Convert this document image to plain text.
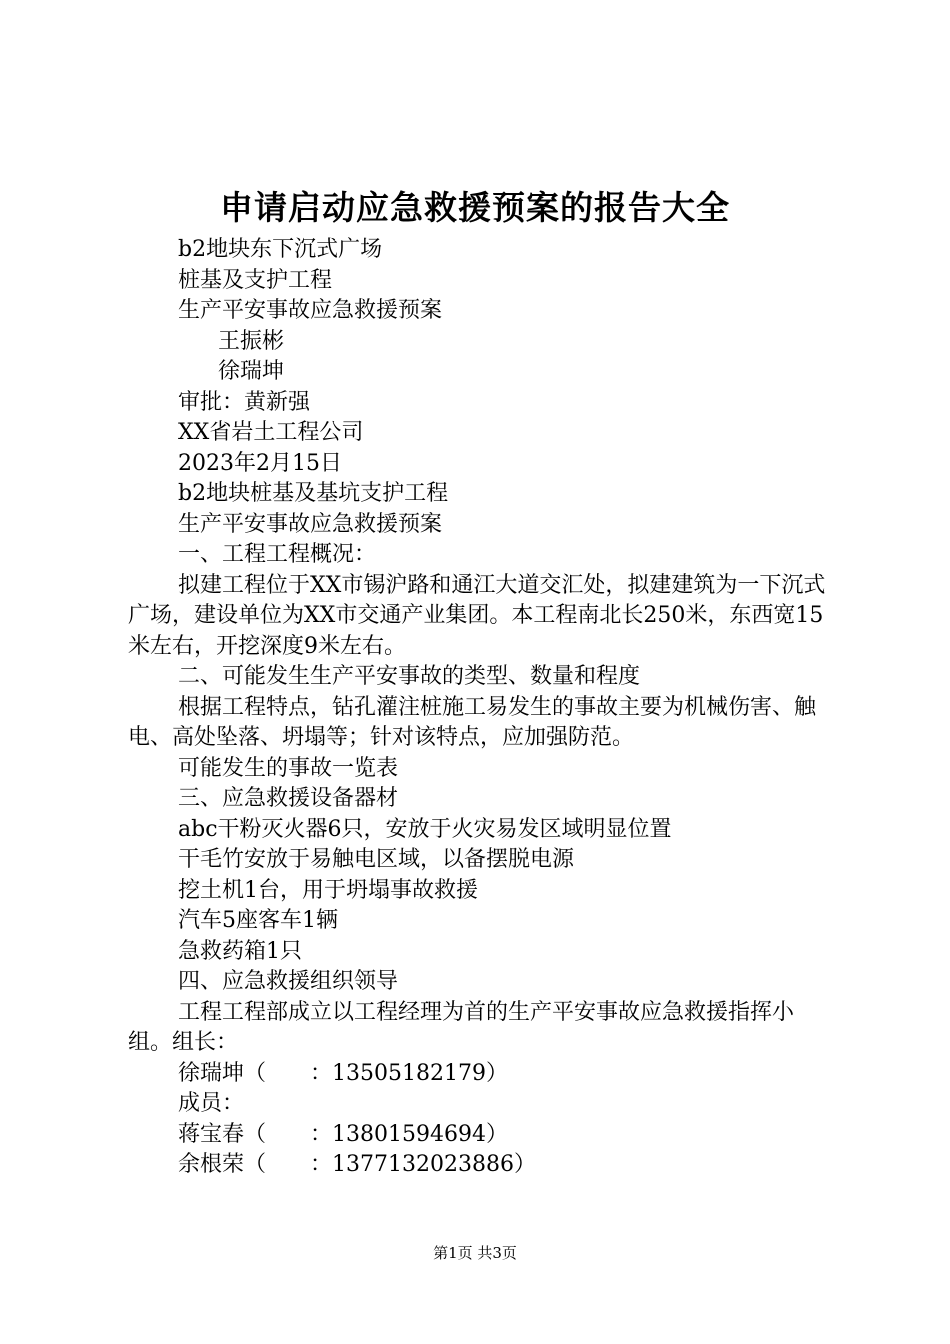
申请启动应急救援预案的报告大全

b2地块东下沉式广场

桩基及支护工程

生产平安事故应急救援预案

王振彬

徐瑞坤

审批：黄新强

XX省岩土工程公司

2023年2月15日

b2地块桩基及基坑支护工程

生产平安事故应急救援预案

一、工程工程概况：

拟建工程位于XX市锡沪路和通江大道交汇处，拟建建筑为一下沉式广场，建设单位为XX市交通产业集团。本工程南北长250米，东西宽15米左右，开挖深度9米左右。

二、可能发生生产平安事故的类型、数量和程度

根据工程特点，钻孔灌注桩施工易发生的事故主要为机械伤害、触电、高处坠落、坍塌等；针对该特点，应加强防范。

可能发生的事故一览表

三、应急救援设备器材

abc干粉灭火器6只，安放于火灾易发区域明显位置

干毛竹安放于易触电区域，以备摆脱电源

挖土机1台，用于坍塌事故救援

汽车5座客车1辆

急救药箱1只

四、应急救援组织领导

工程工程部成立以工程经理为首的生产平安事故应急救援指挥小组。组长：

徐瑞坤（　　：13505182179）

成员：

蒋宝春（　　：13801594694）

余根荣（　　：1377132023886）

第1页 共3页
